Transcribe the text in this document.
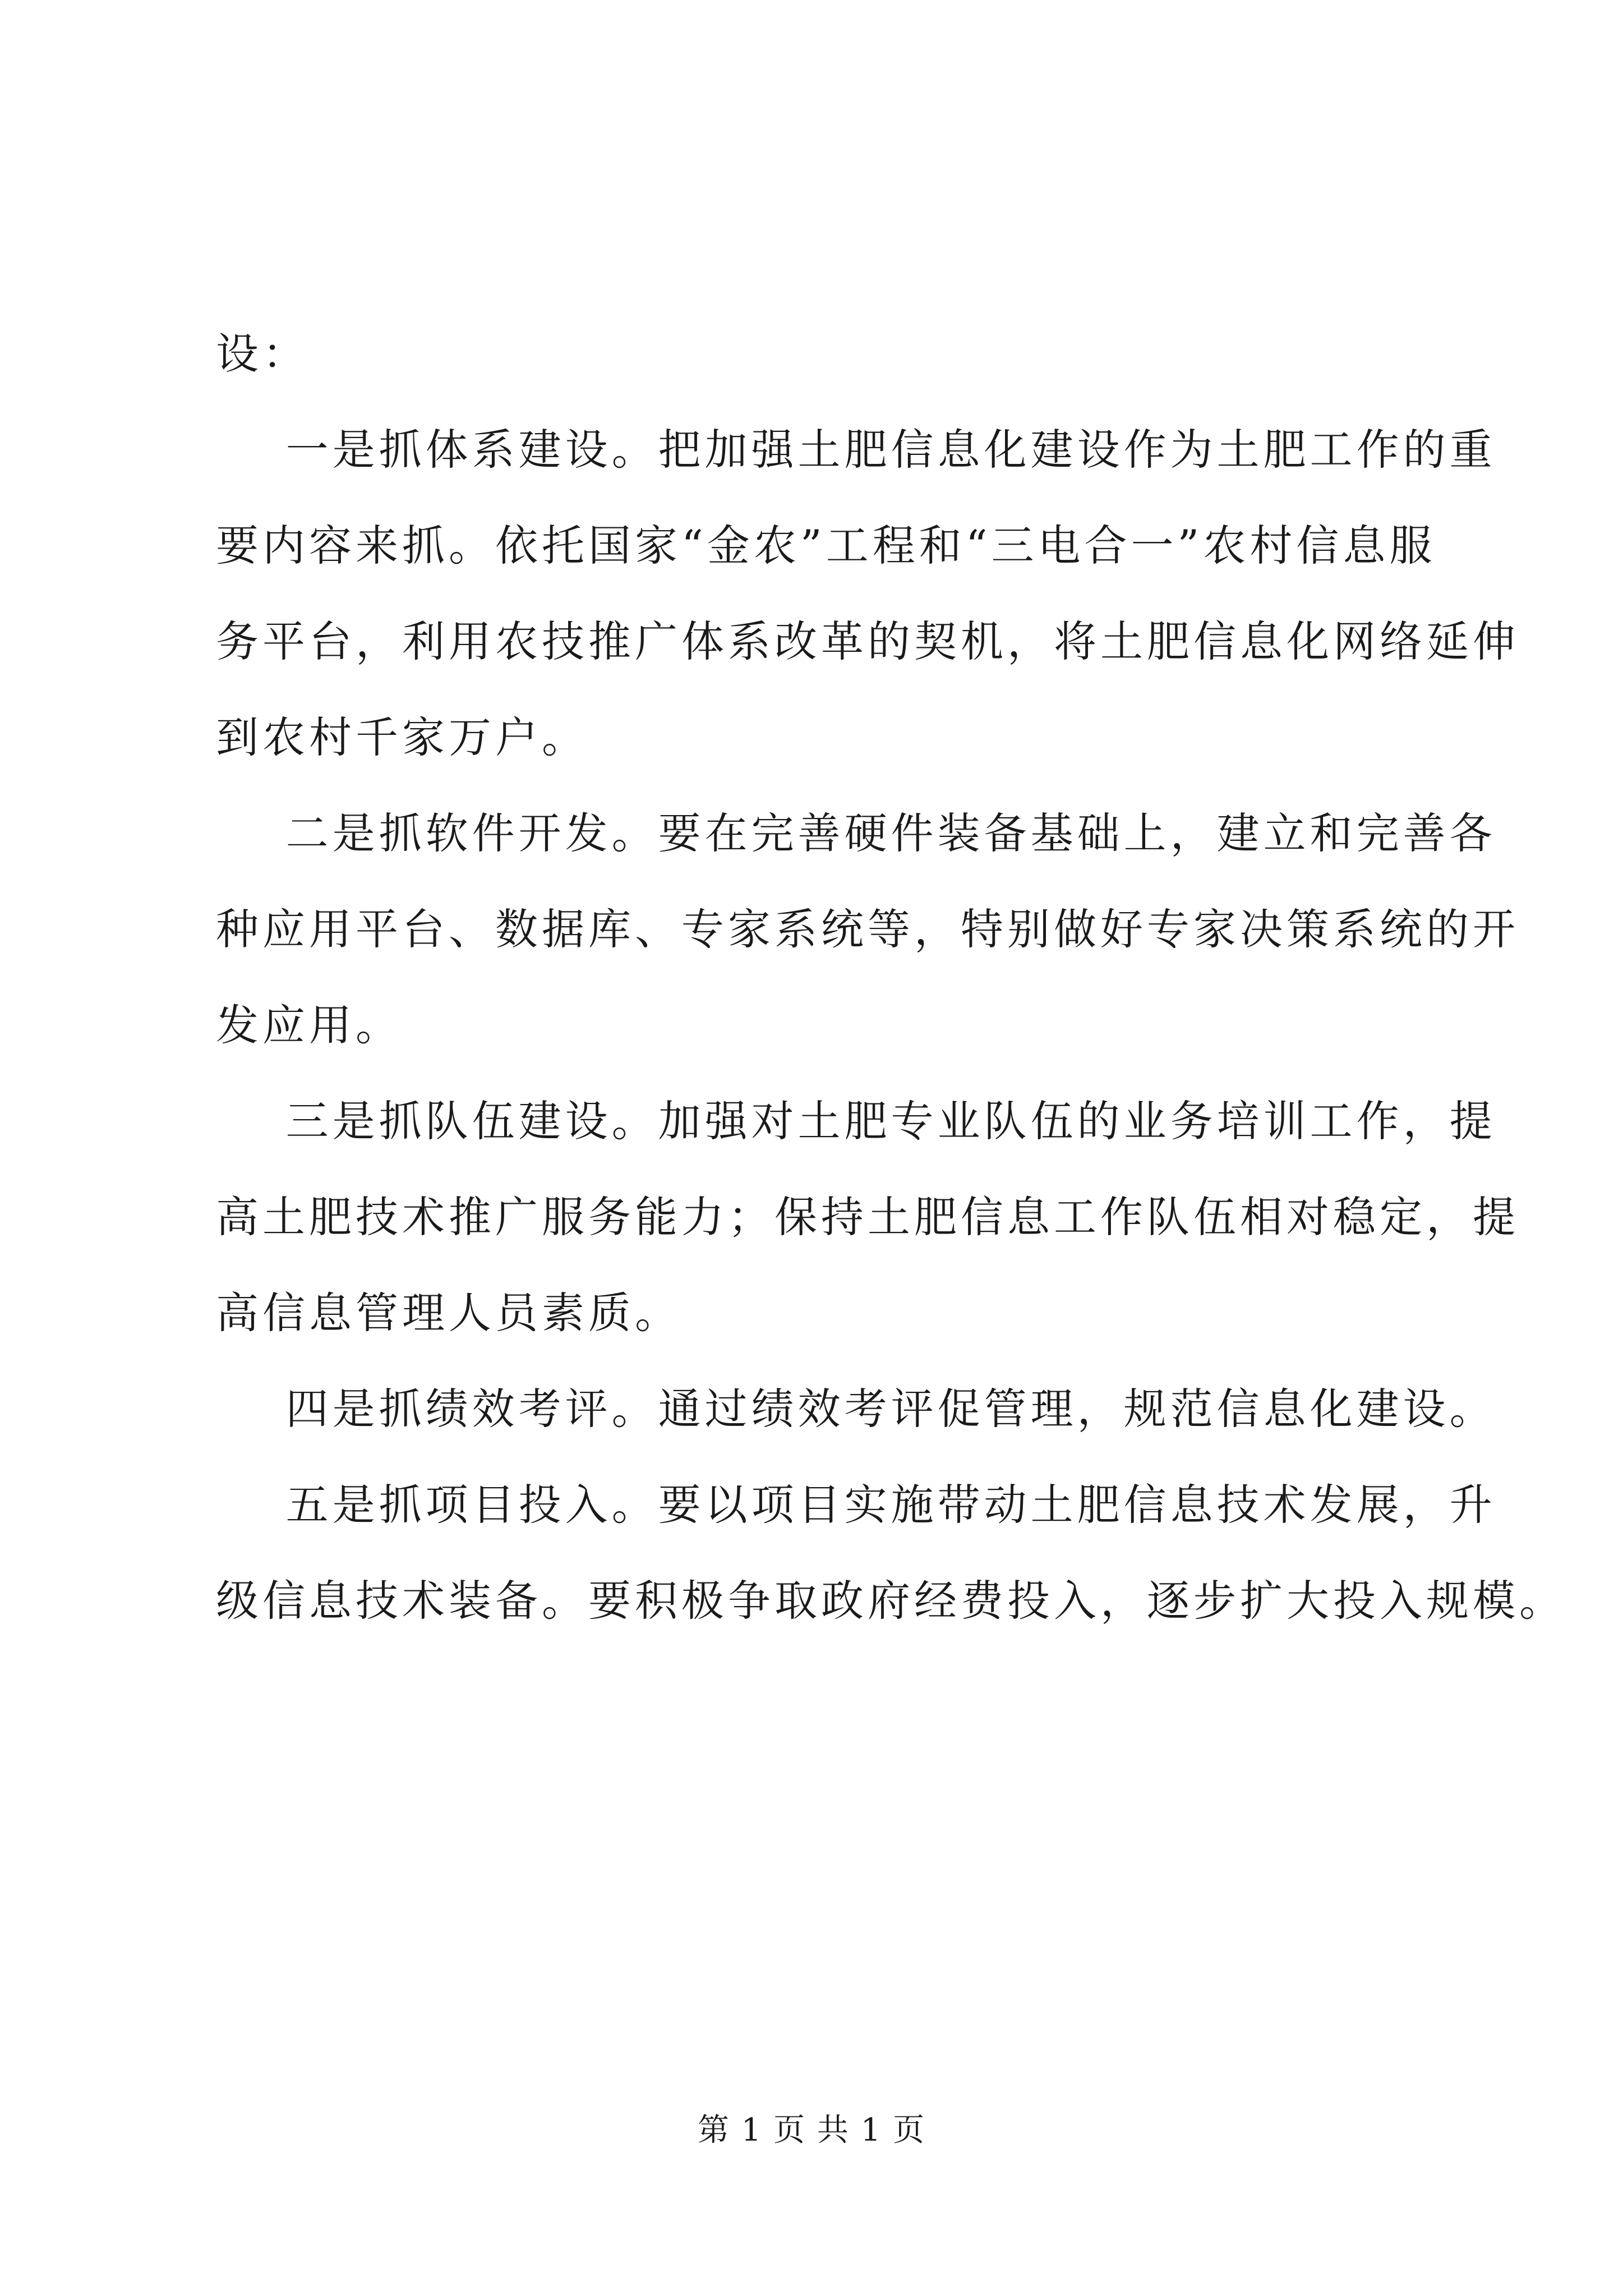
设：

一是抓体系建设。把加强土肥信息化建设作为土肥工作的重

要内容来抓。依托国家“金农”工程和“三电合一”农村信息服

务平台，利用农技推广体系改革的契机，将土肥信息化网络延伸

到农村千家万户。

二是抓软件开发。要在完善硬件装备基础上，建立和完善各

种应用平台、数据库、专家系统等，特别做好专家决策系统的开

发应用。

三是抓队伍建设。加强对土肥专业队伍的业务培训工作，提

高土肥技术推广服务能力；保持土肥信息工作队伍相对稳定，提

高信息管理人员素质。

四是抓绩效考评。通过绩效考评促管理，规范信息化建设。

五是抓项目投入。要以项目实施带动土肥信息技术发展，升

级信息技术装备。要积极争取政府经费投入，逐步扩大投入规模。

第 1 页 共 1 页
